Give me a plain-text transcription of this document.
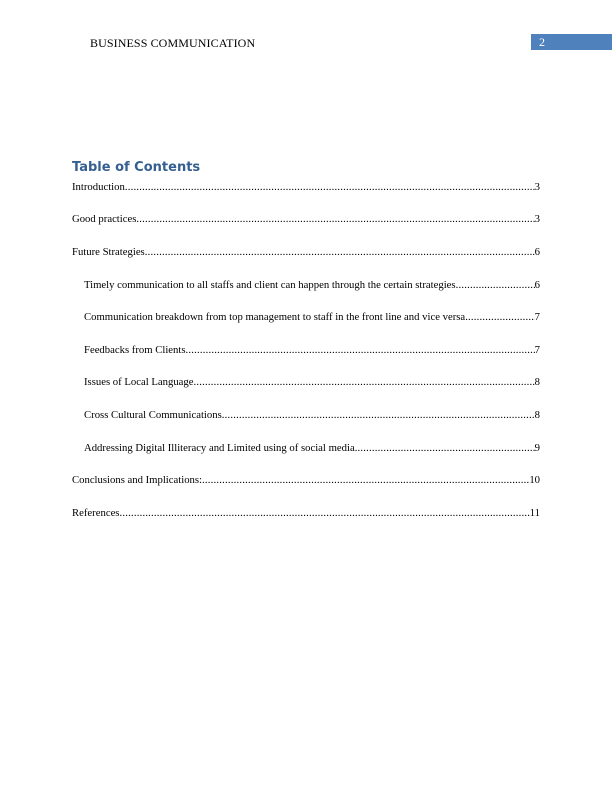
BUSINESS COMMUNICATION	2
Table of Contents
Introduction .....	3
Good practices .....	3
Future Strategies .....	6
Timely communication to all staffs and client can happen through the certain strategies .....	6
Communication breakdown from top management to staff in the front line and vice versa .....	7
Feedbacks from Clients .....	7
Issues of Local Language .....	8
Cross Cultural Communications .....	8
Addressing Digital Illiteracy and Limited using of social media .....	9
Conclusions and Implications: .....	10
References .....	11
